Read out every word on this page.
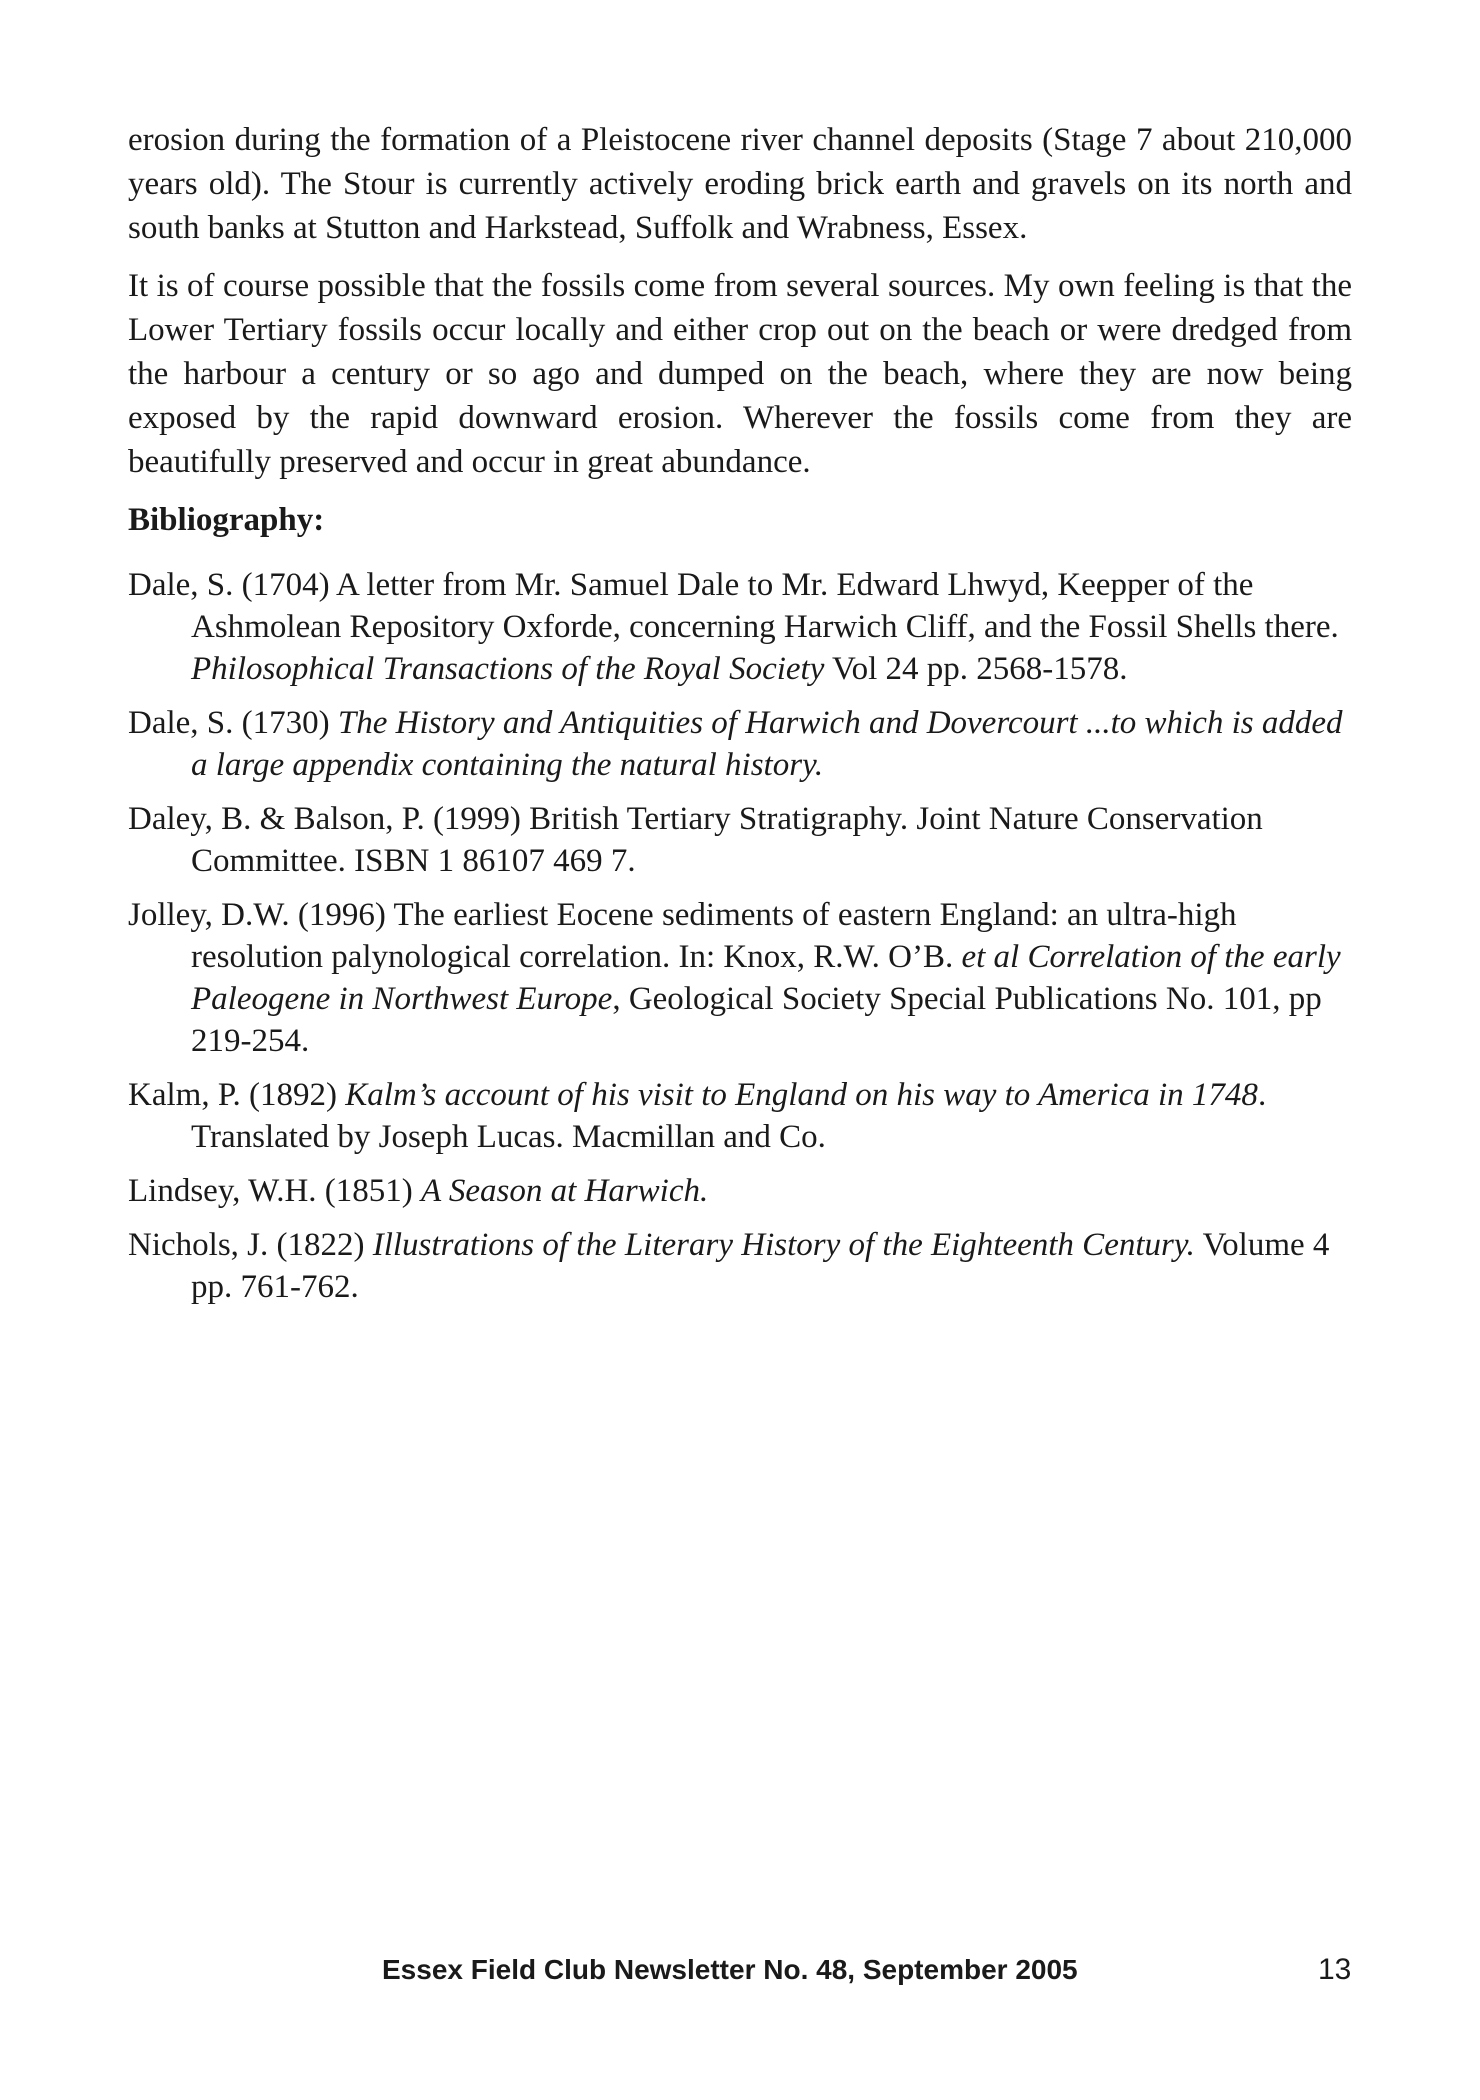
erosion during the formation of a Pleistocene river channel deposits (Stage 7 about 210,000 years old). The Stour is currently actively eroding brick earth and gravels on its north and south banks at Stutton and Harkstead, Suffolk and Wrabness, Essex.

It is of course possible that the fossils come from several sources. My own feeling is that the Lower Tertiary fossils occur locally and either crop out on the beach or were dredged from the harbour a century or so ago and dumped on the beach, where they are now being exposed by the rapid downward erosion. Wherever the fossils come from they are beautifully preserved and occur in great abundance.

Bibliography:
Dale, S. (1704) A letter from Mr. Samuel Dale to Mr. Edward Lhwyd, Keepper of the Ashmolean Repository Oxforde, concerning Harwich Cliff, and the Fossil Shells there. Philosophical Transactions of the Royal Society Vol 24 pp. 2568-1578.
Dale, S. (1730) The History and Antiquities of Harwich and Dovercourt ...to which is added a large appendix containing the natural history.
Daley, B. & Balson, P. (1999) British Tertiary Stratigraphy. Joint Nature Conservation Committee. ISBN 1 86107 469 7.
Jolley, D.W. (1996) The earliest Eocene sediments of eastern England: an ultra-high resolution palynological correlation. In: Knox, R.W. O’B. et al Correlation of the early Paleogene in Northwest Europe, Geological Society Special Publications No. 101, pp 219-254.
Kalm, P. (1892) Kalm’s account of his visit to England on his way to America in 1748. Translated by Joseph Lucas. Macmillan and Co.
Lindsey, W.H. (1851) A Season at Harwich.
Nichols, J. (1822) Illustrations of the Literary History of the Eighteenth Century. Volume 4 pp. 761-762.
Essex Field Club Newsletter No. 48, September 2005	13
